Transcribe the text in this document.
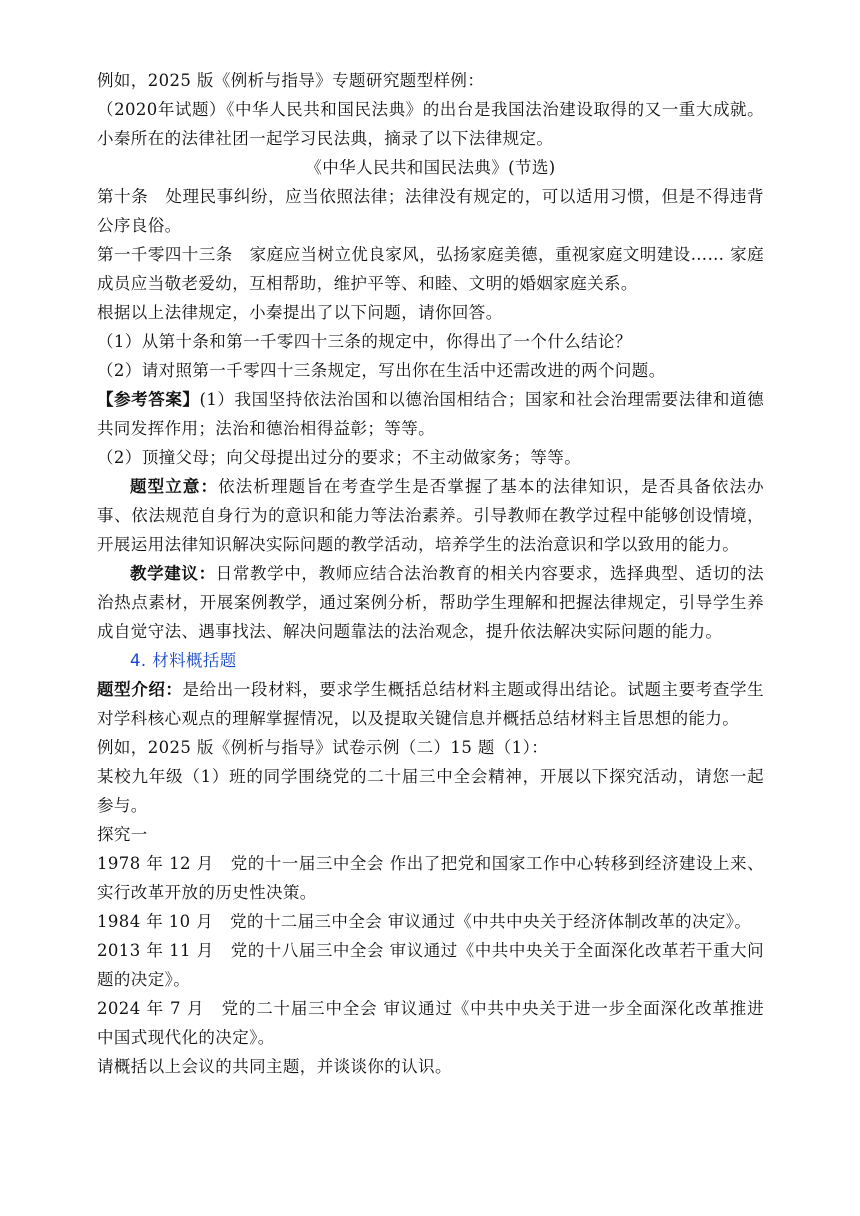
例如，2025 版《例析与指导》专题研究题型样例：

（2020年试题）《中华人民共和国民法典》的出台是我国法治建设取得的又一重大成就。小秦所在的法律社团一起学习民法典，摘录了以下法律规定。

《中华人民共和国民法典》(节选)

第十条　处理民事纠纷，应当依照法律；法律没有规定的，可以适用习惯，但是不得违背公序良俗。

第一千零四十三条　家庭应当树立优良家风，弘扬家庭美德，重视家庭文明建设…… 家庭成员应当敬老爱幼，互相帮助，维护平等、和睦、文明的婚姻家庭关系。

根据以上法律规定，小秦提出了以下问题，请你回答。

（1）从第十条和第一千零四十三条的规定中，你得出了一个什么结论？

（2）请对照第一千零四十三条规定，写出你在生活中还需改进的两个问题。

【参考答案】(1）我国坚持依法治国和以德治国相结合；国家和社会治理需要法律和道德共同发挥作用；法治和德治相得益彰；等等。

（2）顶撞父母；向父母提出过分的要求；不主动做家务；等等。

题型立意：依法析理题旨在考查学生是否掌握了基本的法律知识，是否具备依法办事、依法规范自身行为的意识和能力等法治素养。引导教师在教学过程中能够创设情境，开展运用法律知识解决实际问题的教学活动，培养学生的法治意识和学以致用的能力。

教学建议：日常教学中，教师应结合法治教育的相关内容要求，选择典型、适切的法治热点素材，开展案例教学，通过案例分析，帮助学生理解和把握法律规定，引导学生养成自觉守法、遇事找法、解决问题靠法的法治观念，提升依法解决实际问题的能力。

4. 材料概括题

题型介绍：是给出一段材料，要求学生概括总结材料主题或得出结论。试题主要考查学生对学科核心观点的理解掌握情况，以及提取关键信息并概括总结材料主旨思想的能力。

例如，2025 版《例析与指导》试卷示例（二）15 题（1）：

某校九年级（1）班的同学围绕党的二十届三中全会精神，开展以下探究活动，请您一起参与。

探究一

1978 年 12 月　党的十一届三中全会 作出了把党和国家工作中心转移到经济建设上来、实行改革开放的历史性决策。

1984 年 10 月　党的十二届三中全会 审议通过《中共中央关于经济体制改革的决定》。

2013 年 11 月　党的十八届三中全会 审议通过《中共中央关于全面深化改革若干重大问题的决定》。

2024 年 7 月　党的二十届三中全会 审议通过《中共中央关于进一步全面深化改革推进中国式现代化的决定》。

请概括以上会议的共同主题，并谈谈你的认识。
